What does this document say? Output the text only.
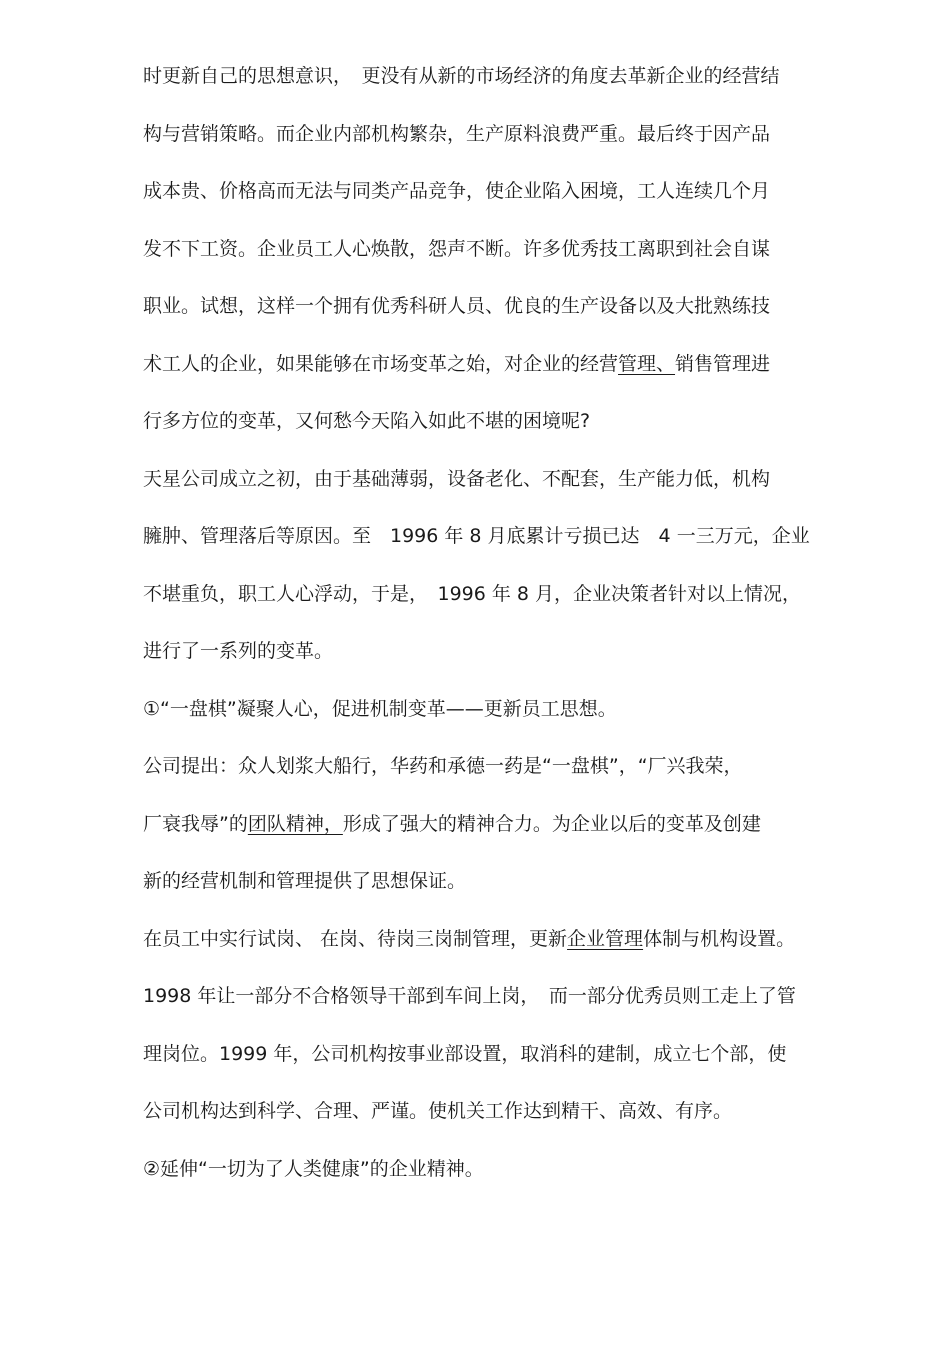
时更新自己的思想意识，　更没有从新的市场经济的角度去革新企业的经营结
构与营销策略。而企业内部机构繁杂，生产原料浪费严重。最后终于因产品
成本贵、价格高而无法与同类产品竞争，使企业陷入困境，工人连续几个月
发不下工资。企业员工人心焕散，怨声不断。许多优秀技工离职到社会自谋
职业。试想，这样一个拥有优秀科研人员、优良的生产设备以及大批熟练技
术工人的企业，如果能够在市场变革之始，对企业的经营管理、销售管理进
行多方位的变革，又何愁今天陷入如此不堪的困境呢?
天星公司成立之初，由于基础薄弱，设备老化、不配套，生产能力低，机构
臃肿、管理落后等原因。至　1996 年 8 月底累计亏损已达　4 一三万元，企业
不堪重负，职工人心浮动，于是，　1996 年 8 月，企业决策者针对以上情况，
进行了一系列的变革。
①“一盘棋”凝聚人心，促进机制变革——更新员工思想。
公司提出：众人划浆大船行，华药和承德一药是“一盘棋”，“厂兴我荣，
厂衰我辱”的团队精神，形成了强大的精神合力。为企业以后的变革及创建
新的经营机制和管理提供了思想保证。
在员工中实行试岗、 在岗、待岗三岗制管理，更新企业管理体制与机构设置。
1998 年让一部分不合格领导干部到车间上岗，　而一部分优秀员则工走上了管
理岗位。1999 年，公司机构按事业部设置，取消科的建制，成立七个部，使
公司机构达到科学、合理、严谨。使机关工作达到精干、高效、有序。
②延伸“一切为了人类健康”的企业精神。
